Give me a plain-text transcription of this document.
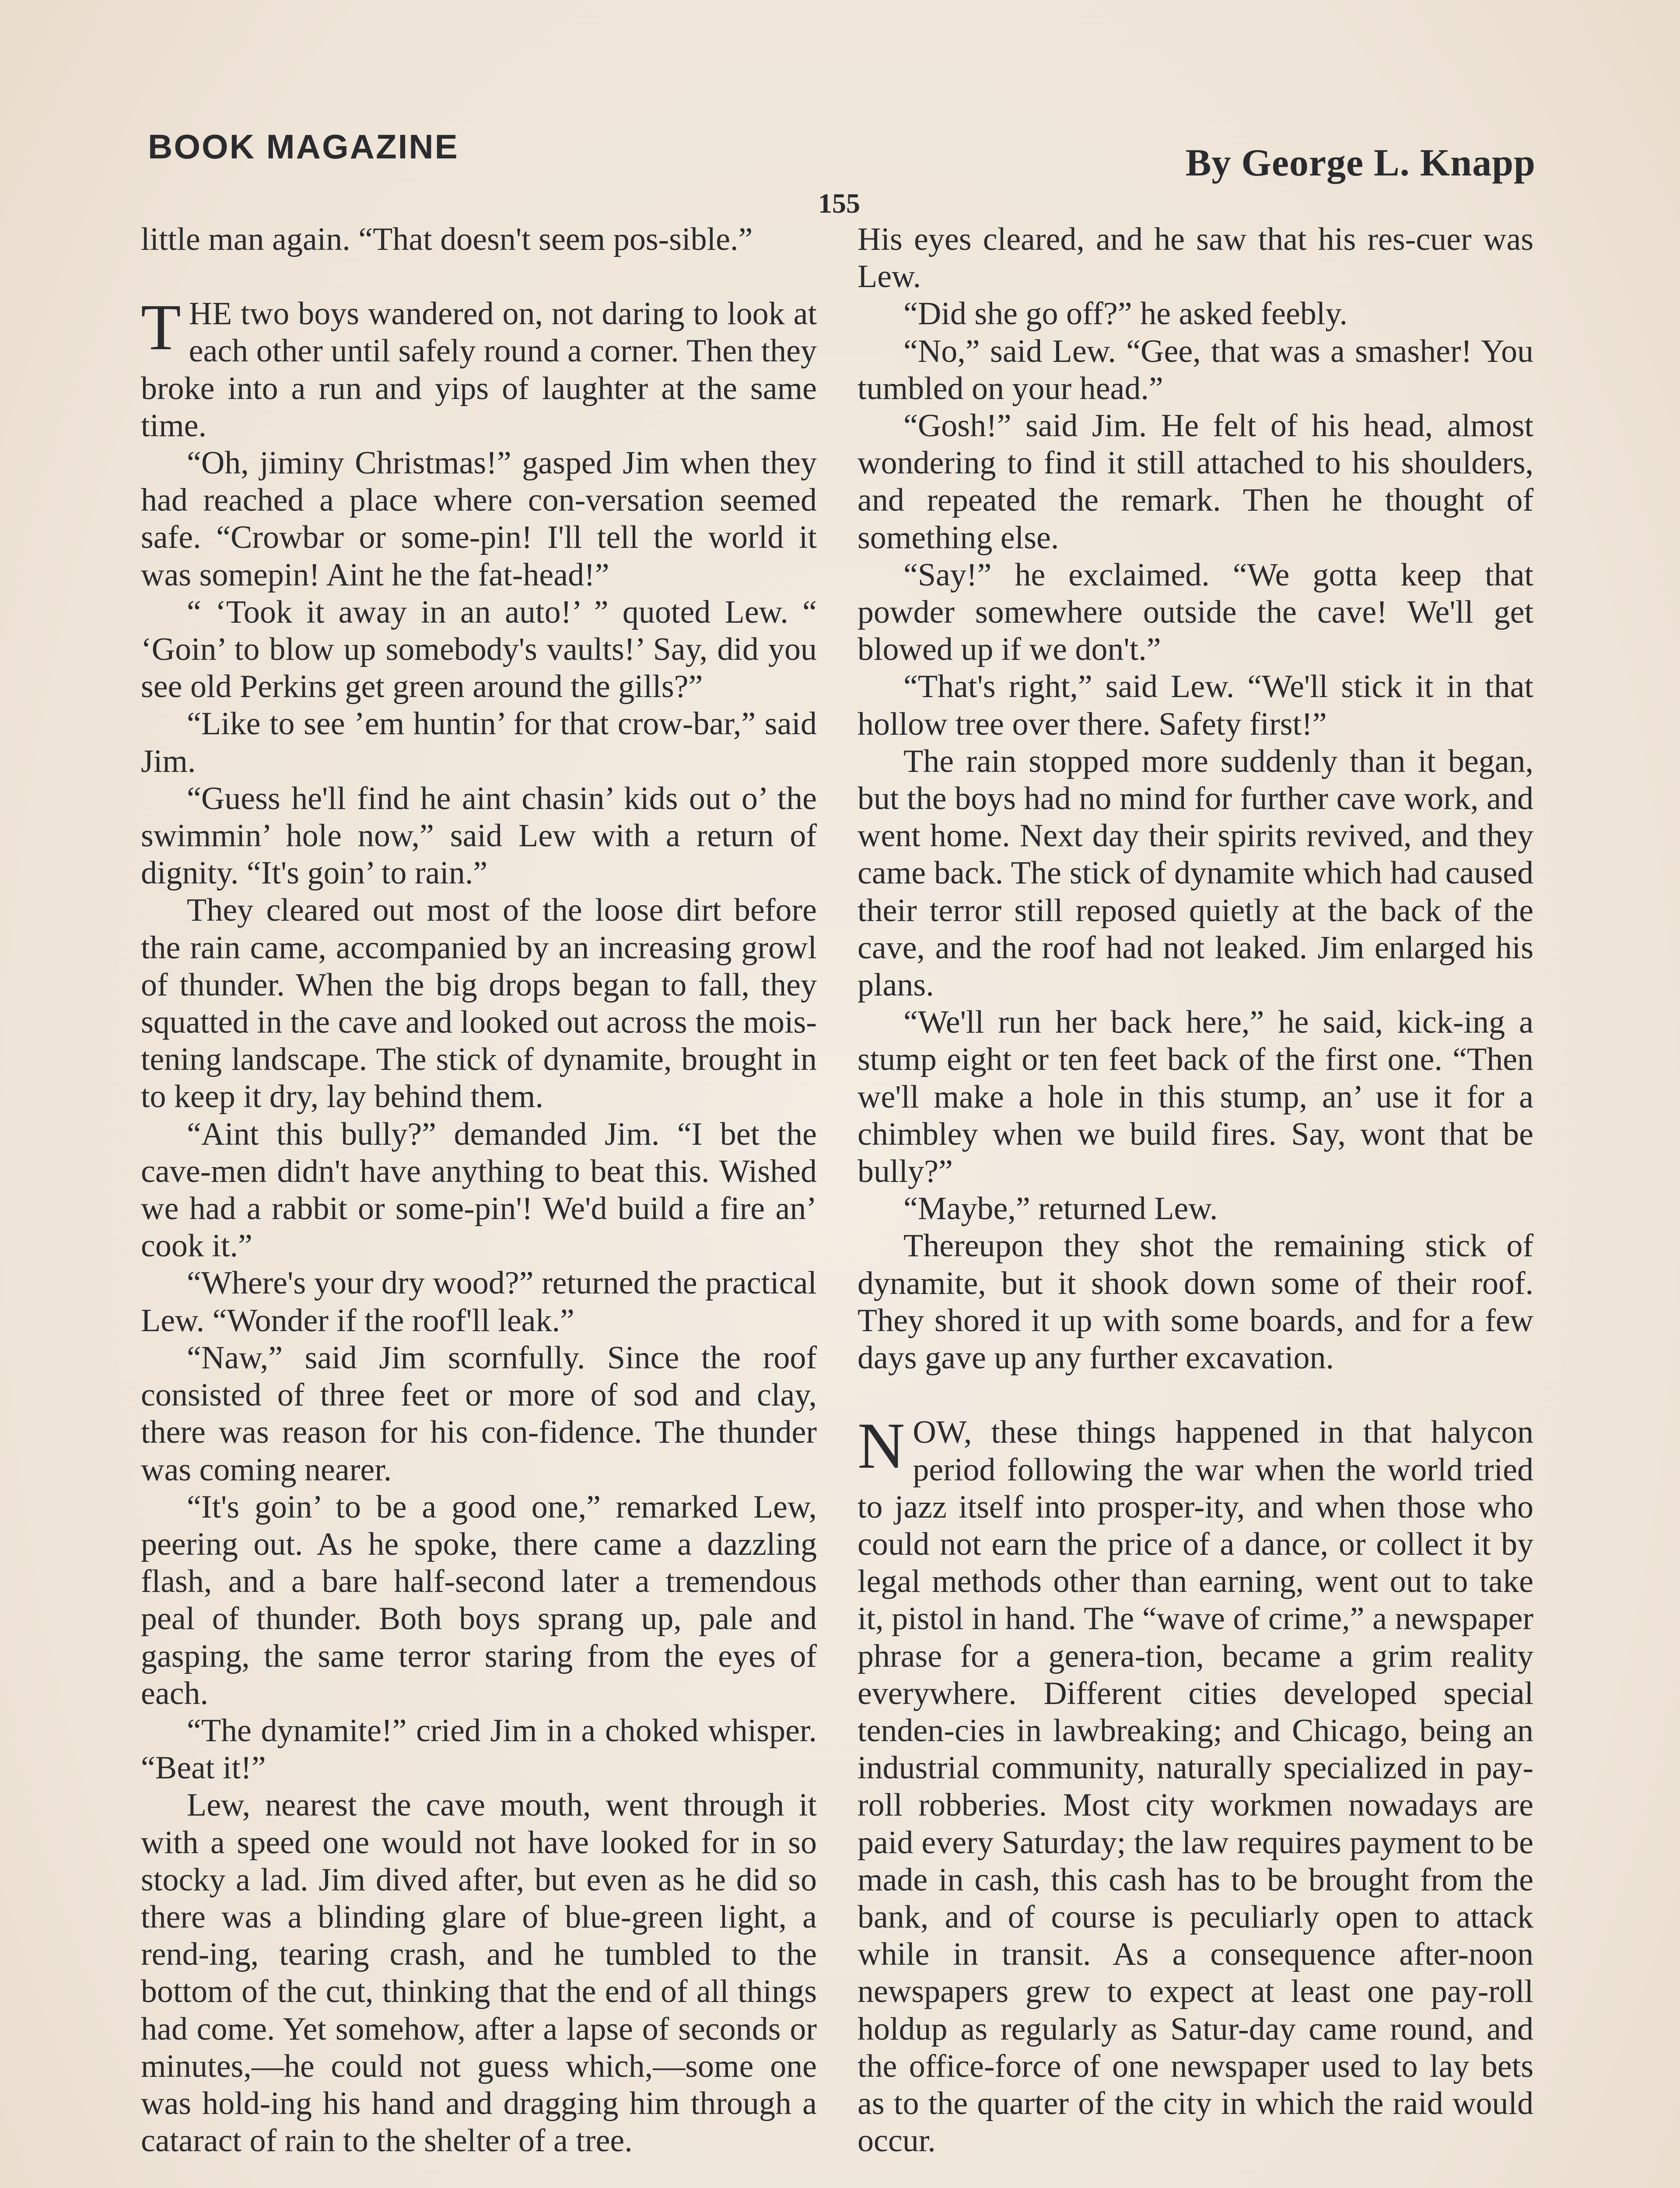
BOOK MAGAZINE	By George L. Knapp
155

little man again. “That doesn't seem pos-sible.”

THE two boys wandered on, not daring to look at each other until safely round a corner. Then they broke into a run and yips of laughter at the same time.

“Oh, jiminy Christmas!” gasped Jim when they had reached a place where con-versation seemed safe. “Crowbar or some-pin! I'll tell the world it was somepin! Aint he the fat-head!”

“ ‘Took it away in an auto!’ ” quoted Lew. “ ‘Goin’ to blow up somebody's vaults!’ Say, did you see old Perkins get green around the gills?”

“Like to see ’em huntin’ for that crow-bar,” said Jim.

“Guess he'll find he aint chasin’ kids out o’ the swimmin’ hole now,” said Lew with a return of dignity. “It's goin’ to rain.”

They cleared out most of the loose dirt before the rain came, accompanied by an increasing growl of thunder. When the big drops began to fall, they squatted in the cave and looked out across the mois-tening landscape. The stick of dynamite, brought in to keep it dry, lay behind them.

“Aint this bully?” demanded Jim. “I bet the cave-men didn't have anything to beat this. Wished we had a rabbit or some-pin'! We'd build a fire an’ cook it.”

“Where's your dry wood?” returned the practical Lew. “Wonder if the roof'll leak.”

“Naw,” said Jim scornfully. Since the roof consisted of three feet or more of sod and clay, there was reason for his con-fidence. The thunder was coming nearer.

“It's goin’ to be a good one,” remarked Lew, peering out. As he spoke, there came a dazzling flash, and a bare half-second later a tremendous peal of thunder. Both boys sprang up, pale and gasping, the same terror staring from the eyes of each.

“The dynamite!” cried Jim in a choked whisper. “Beat it!”

Lew, nearest the cave mouth, went through it with a speed one would not have looked for in so stocky a lad. Jim dived after, but even as he did so there was a blinding glare of blue-green light, a rend-ing, tearing crash, and he tumbled to the bottom of the cut, thinking that the end of all things had come. Yet somehow, after a lapse of seconds or minutes,—he could not guess which,—some one was hold-ing his hand and dragging him through a cataract of rain to the shelter of a tree.

His eyes cleared, and he saw that his res-cuer was Lew.

“Did she go off?” he asked feebly.

“No,” said Lew. “Gee, that was a smasher! You tumbled on your head.”

“Gosh!” said Jim. He felt of his head, almost wondering to find it still attached to his shoulders, and repeated the remark. Then he thought of something else.

“Say!” he exclaimed. “We gotta keep that powder somewhere outside the cave! We'll get blowed up if we don't.”

“That's right,” said Lew. “We'll stick it in that hollow tree over there. Safety first!”

The rain stopped more suddenly than it began, but the boys had no mind for further cave work, and went home. Next day their spirits revived, and they came back. The stick of dynamite which had caused their terror still reposed quietly at the back of the cave, and the roof had not leaked. Jim enlarged his plans.

“We'll run her back here,” he said, kick-ing a stump eight or ten feet back of the first one. “Then we'll make a hole in this stump, an’ use it for a chimbley when we build fires. Say, wont that be bully?”

“Maybe,” returned Lew.

Thereupon they shot the remaining stick of dynamite, but it shook down some of their roof. They shored it up with some boards, and for a few days gave up any further excavation.

NOW, these things happened in that halycon period following the war when the world tried to jazz itself into prosper-ity, and when those who could not earn the price of a dance, or collect it by legal methods other than earning, went out to take it, pistol in hand. The “wave of crime,” a newspaper phrase for a genera-tion, became a grim reality everywhere. Different cities developed special tenden-cies in lawbreaking; and Chicago, being an industrial community, naturally specialized in pay-roll robberies. Most city workmen nowadays are paid every Saturday; the law requires payment to be made in cash, this cash has to be brought from the bank, and of course is peculiarly open to attack while in transit. As a consequence after-noon newspapers grew to expect at least one pay-roll holdup as regularly as Satur-day came round, and the office-force of one newspaper used to lay bets as to the quarter of the city in which the raid would occur.
